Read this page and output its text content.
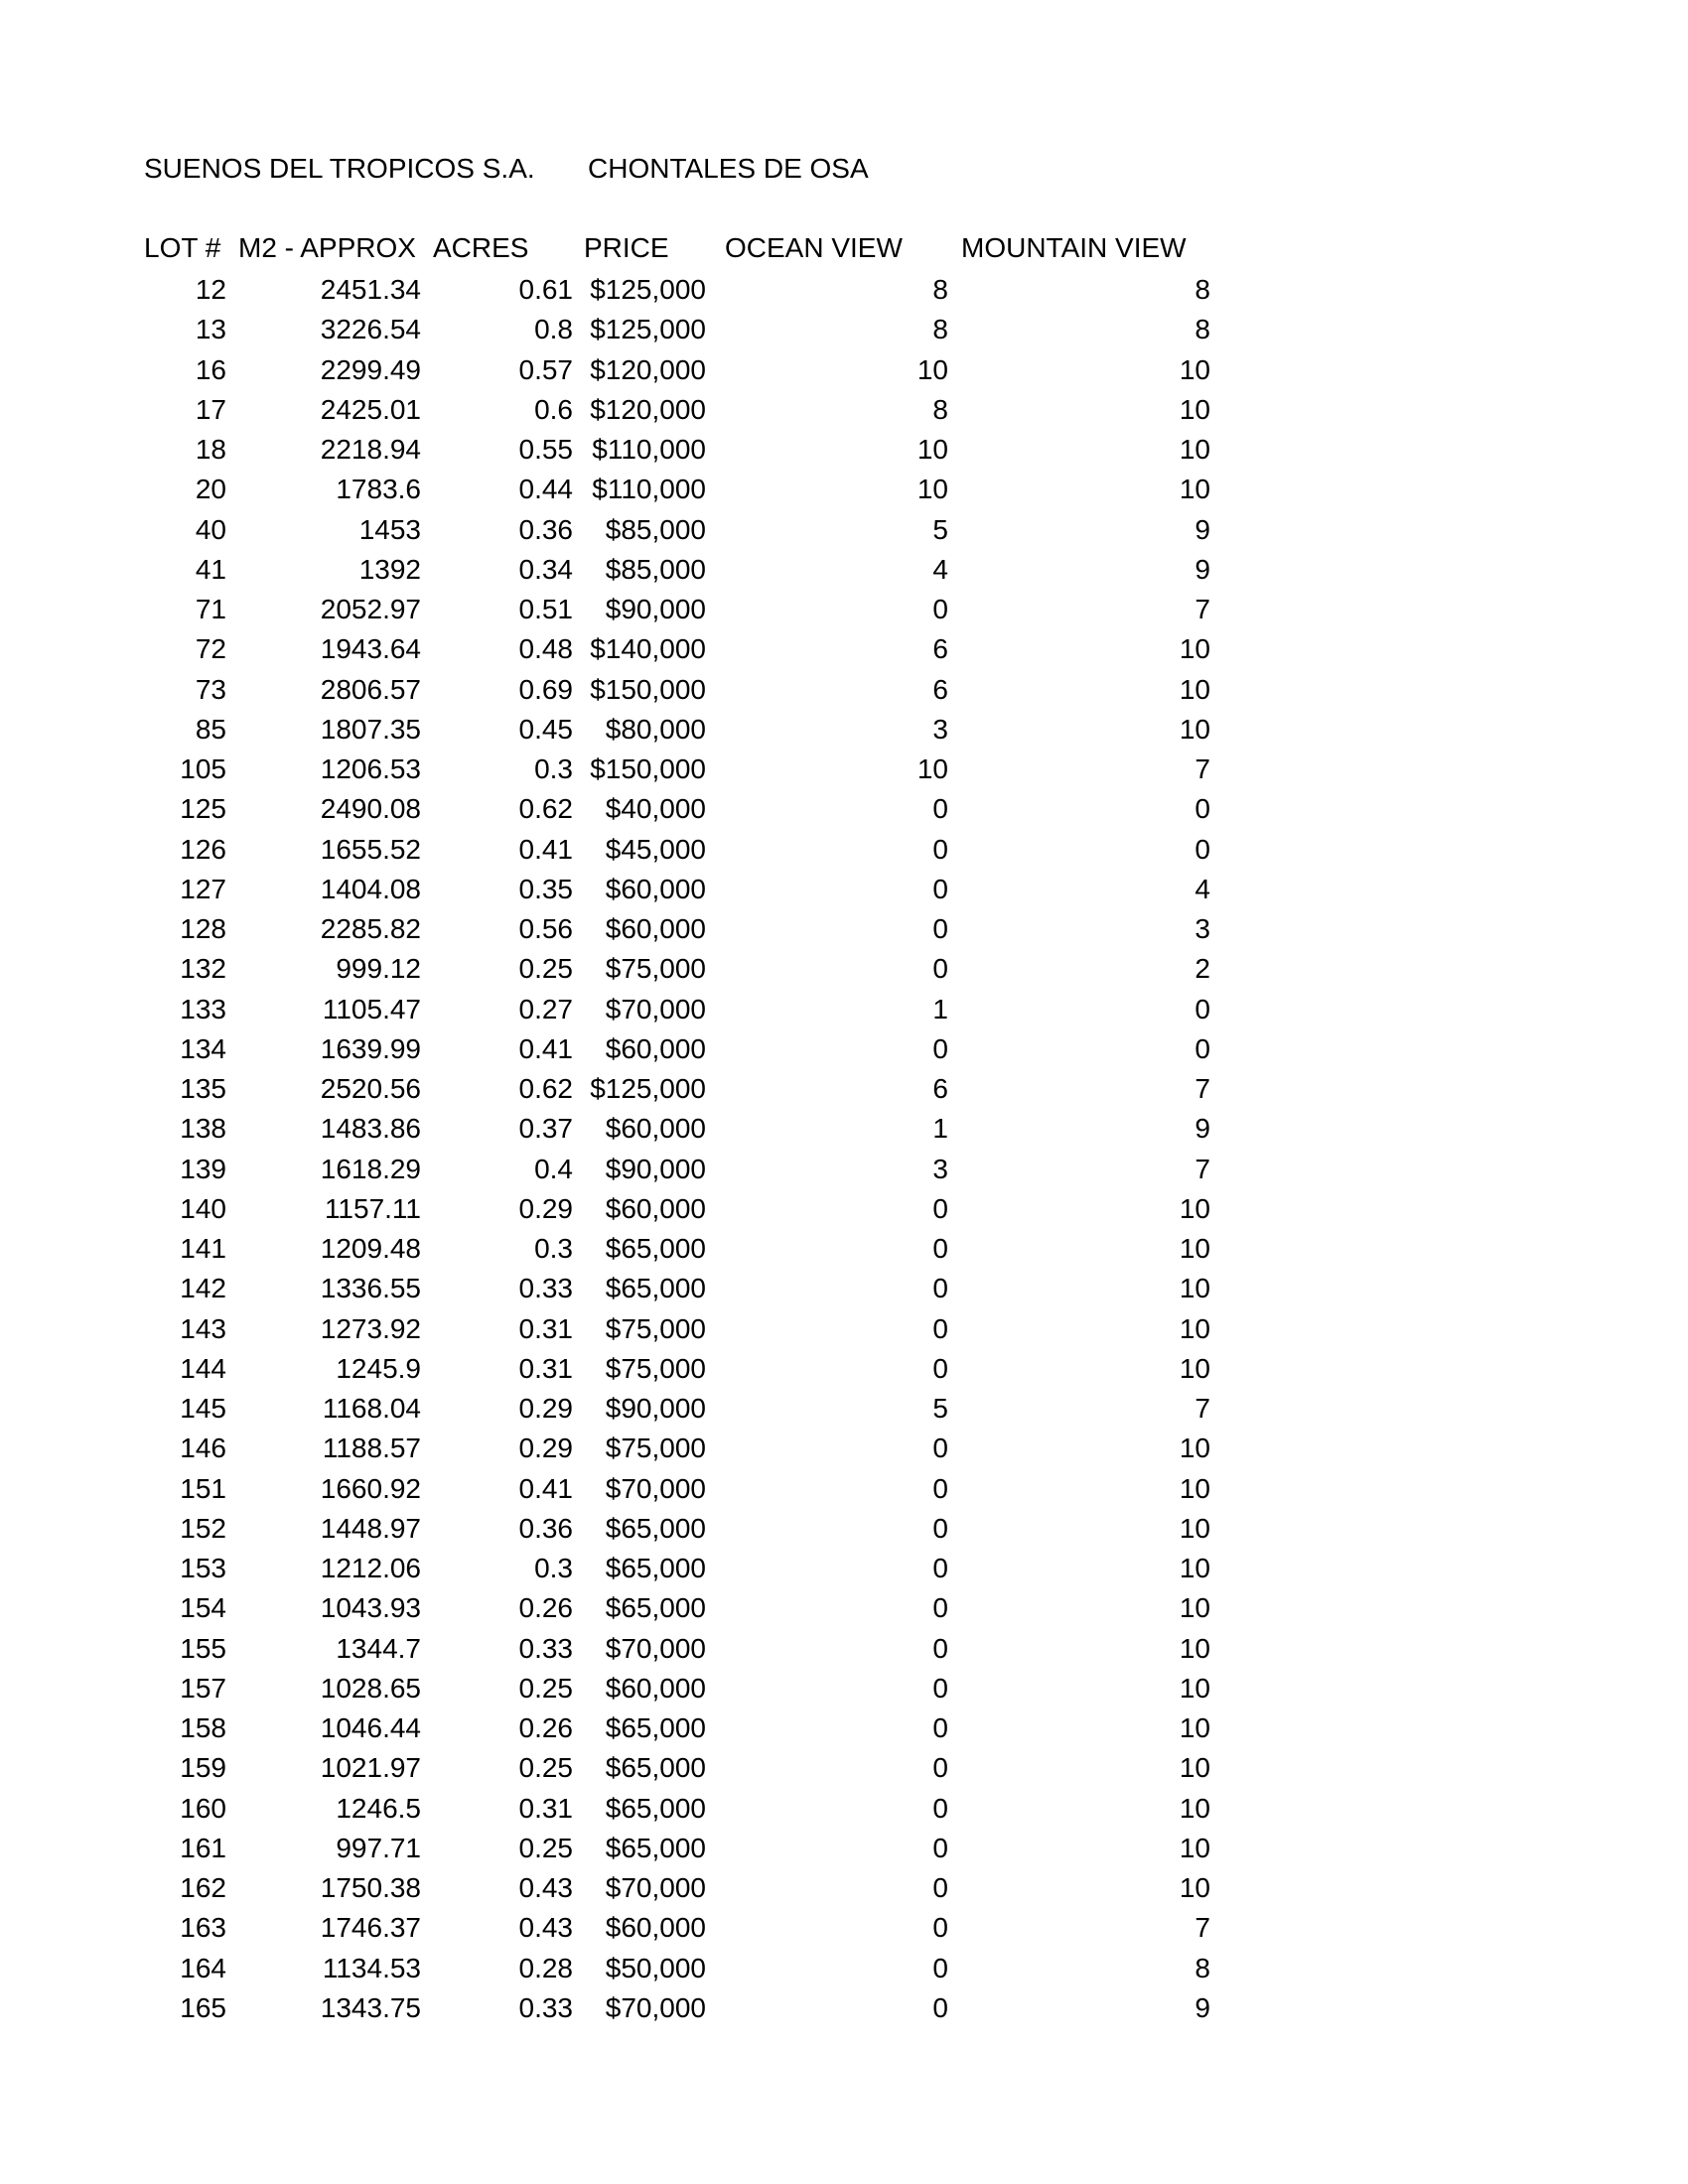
SUENOS DEL TROPICOS S.A. CHONTALES DE OSA
LOT # M2 - APPROX ACRES PRICE OCEAN VIEW MOUNTAIN VIEW
12	2451.34	0.61 $125,000	8	8
13	3226.54	0.8 $125,000	8	8
16	2299.49	0.57 $120,000	10	10
17	2425.01	0.6 $120,000	8	10
18	2218.94	0.55 $110,000	10	10
20	1783.6	0.44 $110,000	10	10
40	1453	0.36 $85,000	5	9
41	1392	0.34 $85,000	4	9
71	2052.97	0.51 $90,000	0	7
72	1943.64	0.48 $140,000	6	10
73	2806.57	0.69 $150,000	6	10
85	1807.35	0.45 $80,000	3	10
105	1206.53	0.3 $150,000	10	7
125	2490.08	0.62 $40,000	0	0
126	1655.52	0.41 $45,000	0	0
127	1404.08	0.35 $60,000	0	4
128	2285.82	0.56 $60,000	0	3
132	999.12	0.25 $75,000	0	2
133	1105.47	0.27 $70,000	1	0
134	1639.99	0.41 $60,000	0	0
135	2520.56	0.62 $125,000	6	7
138	1483.86	0.37 $60,000	1	9
139	1618.29	0.4 $90,000	3	7
140	1157.11	0.29 $60,000	0	10
141	1209.48	0.3 $65,000	0	10
142	1336.55	0.33 $65,000	0	10
143	1273.92	0.31 $75,000	0	10
144	1245.9	0.31 $75,000	0	10
145	1168.04	0.29 $90,000	5	7
146	1188.57	0.29 $75,000	0	10
151	1660.92	0.41 $70,000	0	10
152	1448.97	0.36 $65,000	0	10
153	1212.06	0.3 $65,000	0	10
154	1043.93	0.26 $65,000	0	10
155	1344.7	0.33 $70,000	0	10
157	1028.65	0.25 $60,000	0	10
158	1046.44	0.26 $65,000	0	10
159	1021.97	0.25 $65,000	0	10
160	1246.5	0.31 $65,000	0	10
161	997.71	0.25 $65,000	0	10
162	1750.38	0.43 $70,000	0	10
163	1746.37	0.43 $60,000	0	7
164	1134.53	0.28 $50,000	0	8
165	1343.75	0.33 $70,000	0	9
